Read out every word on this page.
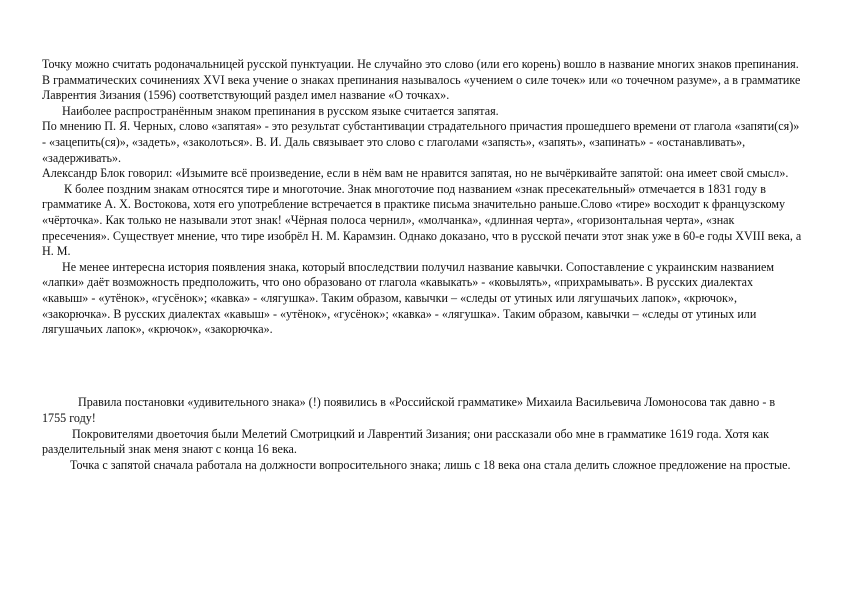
Точку можно считать родоначальницей русской пунктуации. Не случайно это слово (или его корень) вошло в название многих знаков препинания. В грамматических сочинениях XVI века учение о знаках препинания называлось «учением о силе точек» или «о точечном разуме», а в грамматике Лаврентия Зизания (1596) соответствующий раздел имел название «О точках».

Наиболее распространённым знаком препинания в русском языке считается запятая.

По мнению П. Я. Черных, слово «запятая» - это результат субстантивации страдательного причастия прошедшего времени от глагола «запяти(ся)» - «зацепить(ся)», «задеть», «заколоться». В. И. Даль связывает это слово с глаголами «запясть», «запять», «запинать» - «останавливать», «задерживать».

Александр Блок говорил: «Изымите всё произведение, если в нём вам не нравится запятая, но не вычёркивайте запятой: она имеет свой смысл».

К более поздним знакам относятся тире и многоточие. Знак многоточие под названием «знак пресекательный» отмечается в 1831 году в грамматике А. Х. Востокова, хотя его употребление встречается в практике письма значительно раньше.Слово «тире» восходит к французскому «чёрточка». Как только не называли этот знак! «Чёрная полоса чернил», «молчанка», «длинная черта», «горизонтальная черта», «знак пресечения». Существует мнение, что тире изобрёл Н. М. Карамзин. Однако доказано, что в русской печати этот знак уже в 60-е годы XVIII века, а Н. М.

Не менее интересна история появления знака, который впоследствии получил название кавычки. Сопоставление с украинским названием «лапки» даёт возможность предположить, что оно образовано от глагола «кавыкать» - «ковылять», «прихрамывать». В русских диалектах «кавыш» - «утёнок», «гусёнок»; «кавка» - «лягушка». Таким образом, кавычки – «следы от утиных или лягушачьих лапок», «крючок», «закорючка». В русских диалектах «кавыш» - «утёнок», «гусёнок»; «кавка» - «лягушка». Таким образом, кавычки – «следы от утиных или лягушачьих лапок», «крючок», «закорючка».

Правила постановки «удивительного знака» (!) появились в «Российской грамматике» Михаила Васильевича Ломоносова так давно - в 1755 году!

Покровителями двоеточия были Мелетий Смотрицкий и Лаврентий Зизания; они рассказали обо мне в грамматике 1619 года. Хотя как разделительный знак меня знают с конца 16 века.

Точка с запятой сначала работала на должности вопросительного знака; лишь с 18 века она стала делить сложное предложение на простые.
